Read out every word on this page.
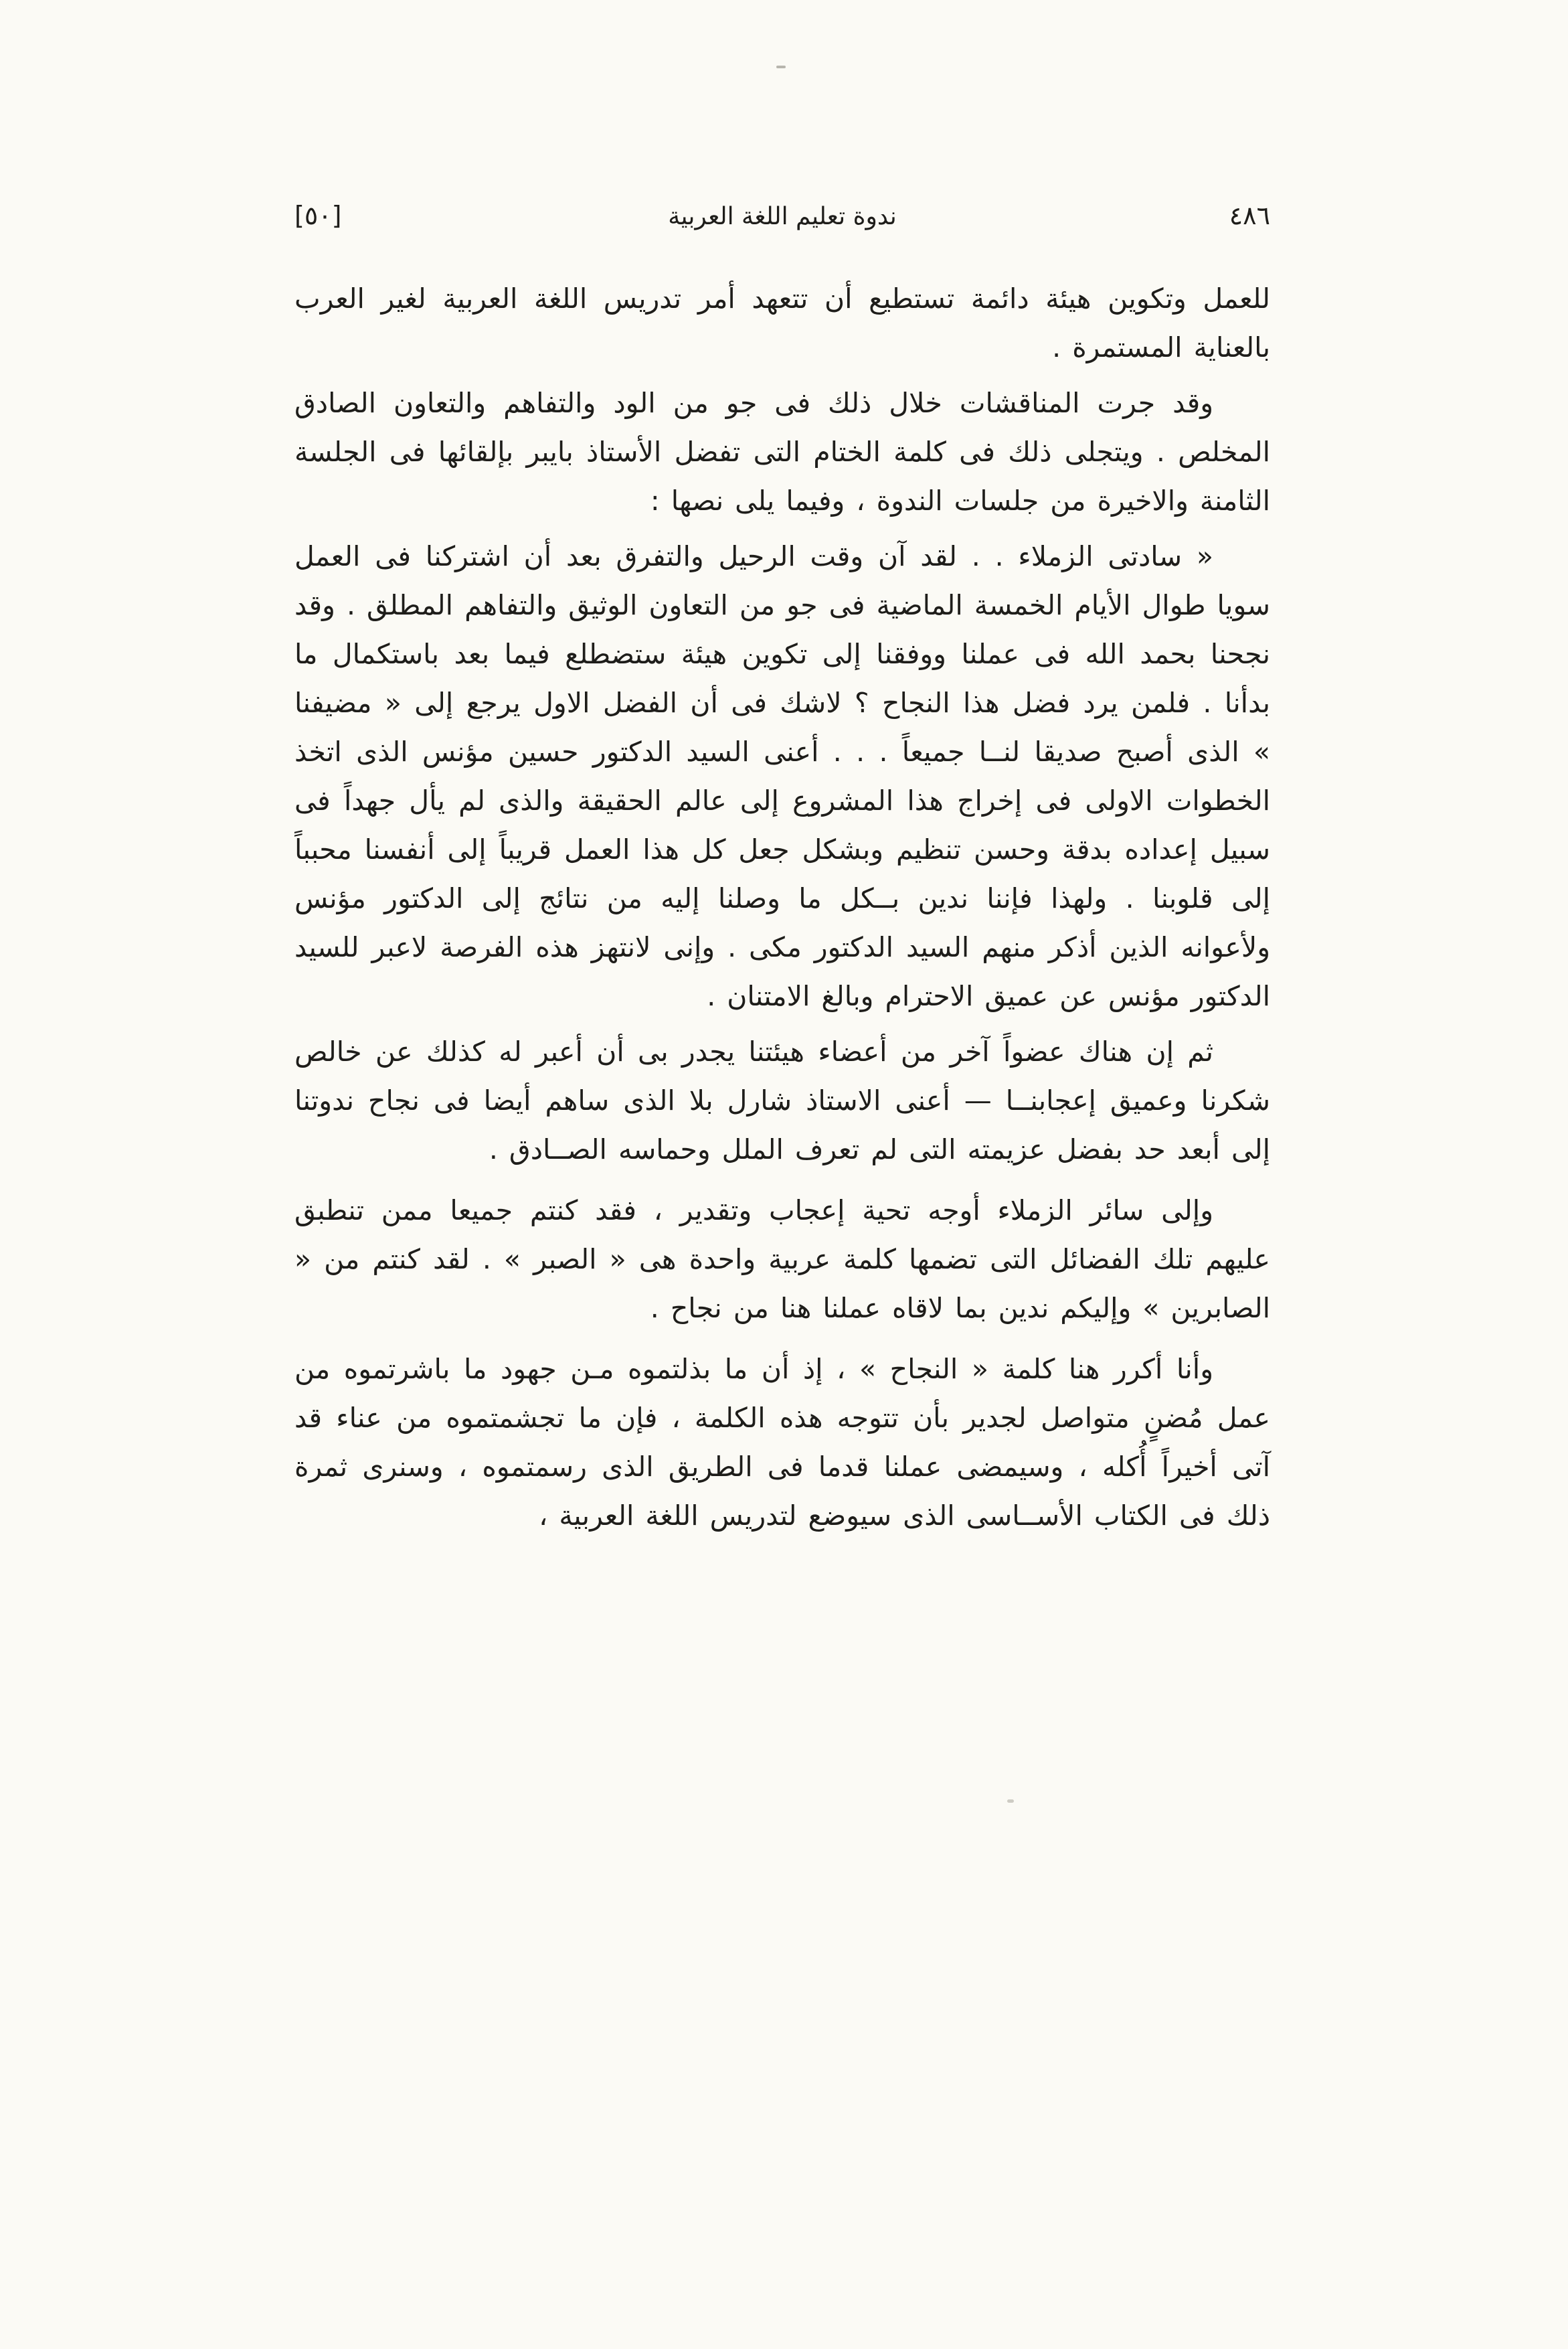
[٥٠]	ندوة تعليم اللغة العربية	٤٨٦

للعمل وتكوين هيئة دائمة تستطيع أن تتعهد أمر تدريس اللغة العربية لغير العرب بالعناية المستمرة .

وقد جرت المناقشات خلال ذلك فى جو من الود والتفاهم والتعاون الصادق المخلص . ويتجلى ذلك فى كلمة الختام التى تفضل الأستاذ بايبر بإلقائها فى الجلسة الثامنة والاخيرة من جلسات الندوة ، وفيما يلى نصها :

« سادتى الزملاء . . لقد آن وقت الرحيل والتفرق بعد أن اشتركنا فى العمل سويا طوال الأيام الخمسة الماضية فى جو من التعاون الوثيق والتفاهم المطلق . وقد نجحنا بحمد الله فى عملنا ووفقنا إلى تكوين هيئة ستضطلع فيما بعد باستكمال ما بدأنا . فلمن يرد فضل هذا النجاح ؟ لاشك فى أن الفضل الاول يرجع إلى « مضيفنا » الذى أصبح صديقا لنــا جميعاً . . . أعنى السيد الدكتور حسين مؤنس الذى اتخذ الخطوات الاولى فى إخراج هذا المشروع إلى عالم الحقيقة والذى لم يأل جهداً فى سبيل إعداده بدقة وحسن تنظيم وبشكل جعل كل هذا العمل قريباً إلى أنفسنا محبباً إلى قلوبنا . ولهذا فإننا ندين بــكل ما وصلنا إليه من نتائج إلى الدكتور مؤنس ولأعوانه الذين أذكر منهم السيد الدكتور مكى . وإنى لانتهز هذه الفرصة لاعبر للسيد الدكتور مؤنس عن عميق الاحترام وبالغ الامتنان .

ثم إن هناك عضواً آخر من أعضاء هيئتنا يجدر بى أن أعبر له كذلك عن خالص شكرنا وعميق إعجابنــا — أعنى الاستاذ شارل بلا الذى ساهم أيضا فى نجاح ندوتنا إلى أبعد حد بفضل عزيمته التى لم تعرف الملل وحماسه الصــادق .

وإلى سائر الزملاء أوجه تحية إعجاب وتقدير ، فقد كنتم جميعا ممن تنطبق عليهم تلك الفضائل التى تضمها كلمة عربية واحدة هى « الصبر » . لقد كنتم من « الصابرين » وإليكم ندين بما لاقاه عملنا هنا من نجاح .

وأنا أكرر هنا كلمة « النجاح » ، إذ أن ما بذلتموه مـن جهود ما باشرتموه من عمل مُضنٍ متواصل لجدير بأن تتوجه هذه الكلمة ، فإن ما تجشمتموه من عناء قد آتى أخيراً أُكله ، وسيمضى عملنا قدما فى الطريق الذى رسمتموه ، وسنرى ثمرة ذلك فى الكتاب الأســاسى الذى سيوضع لتدريس اللغة العربية ،
